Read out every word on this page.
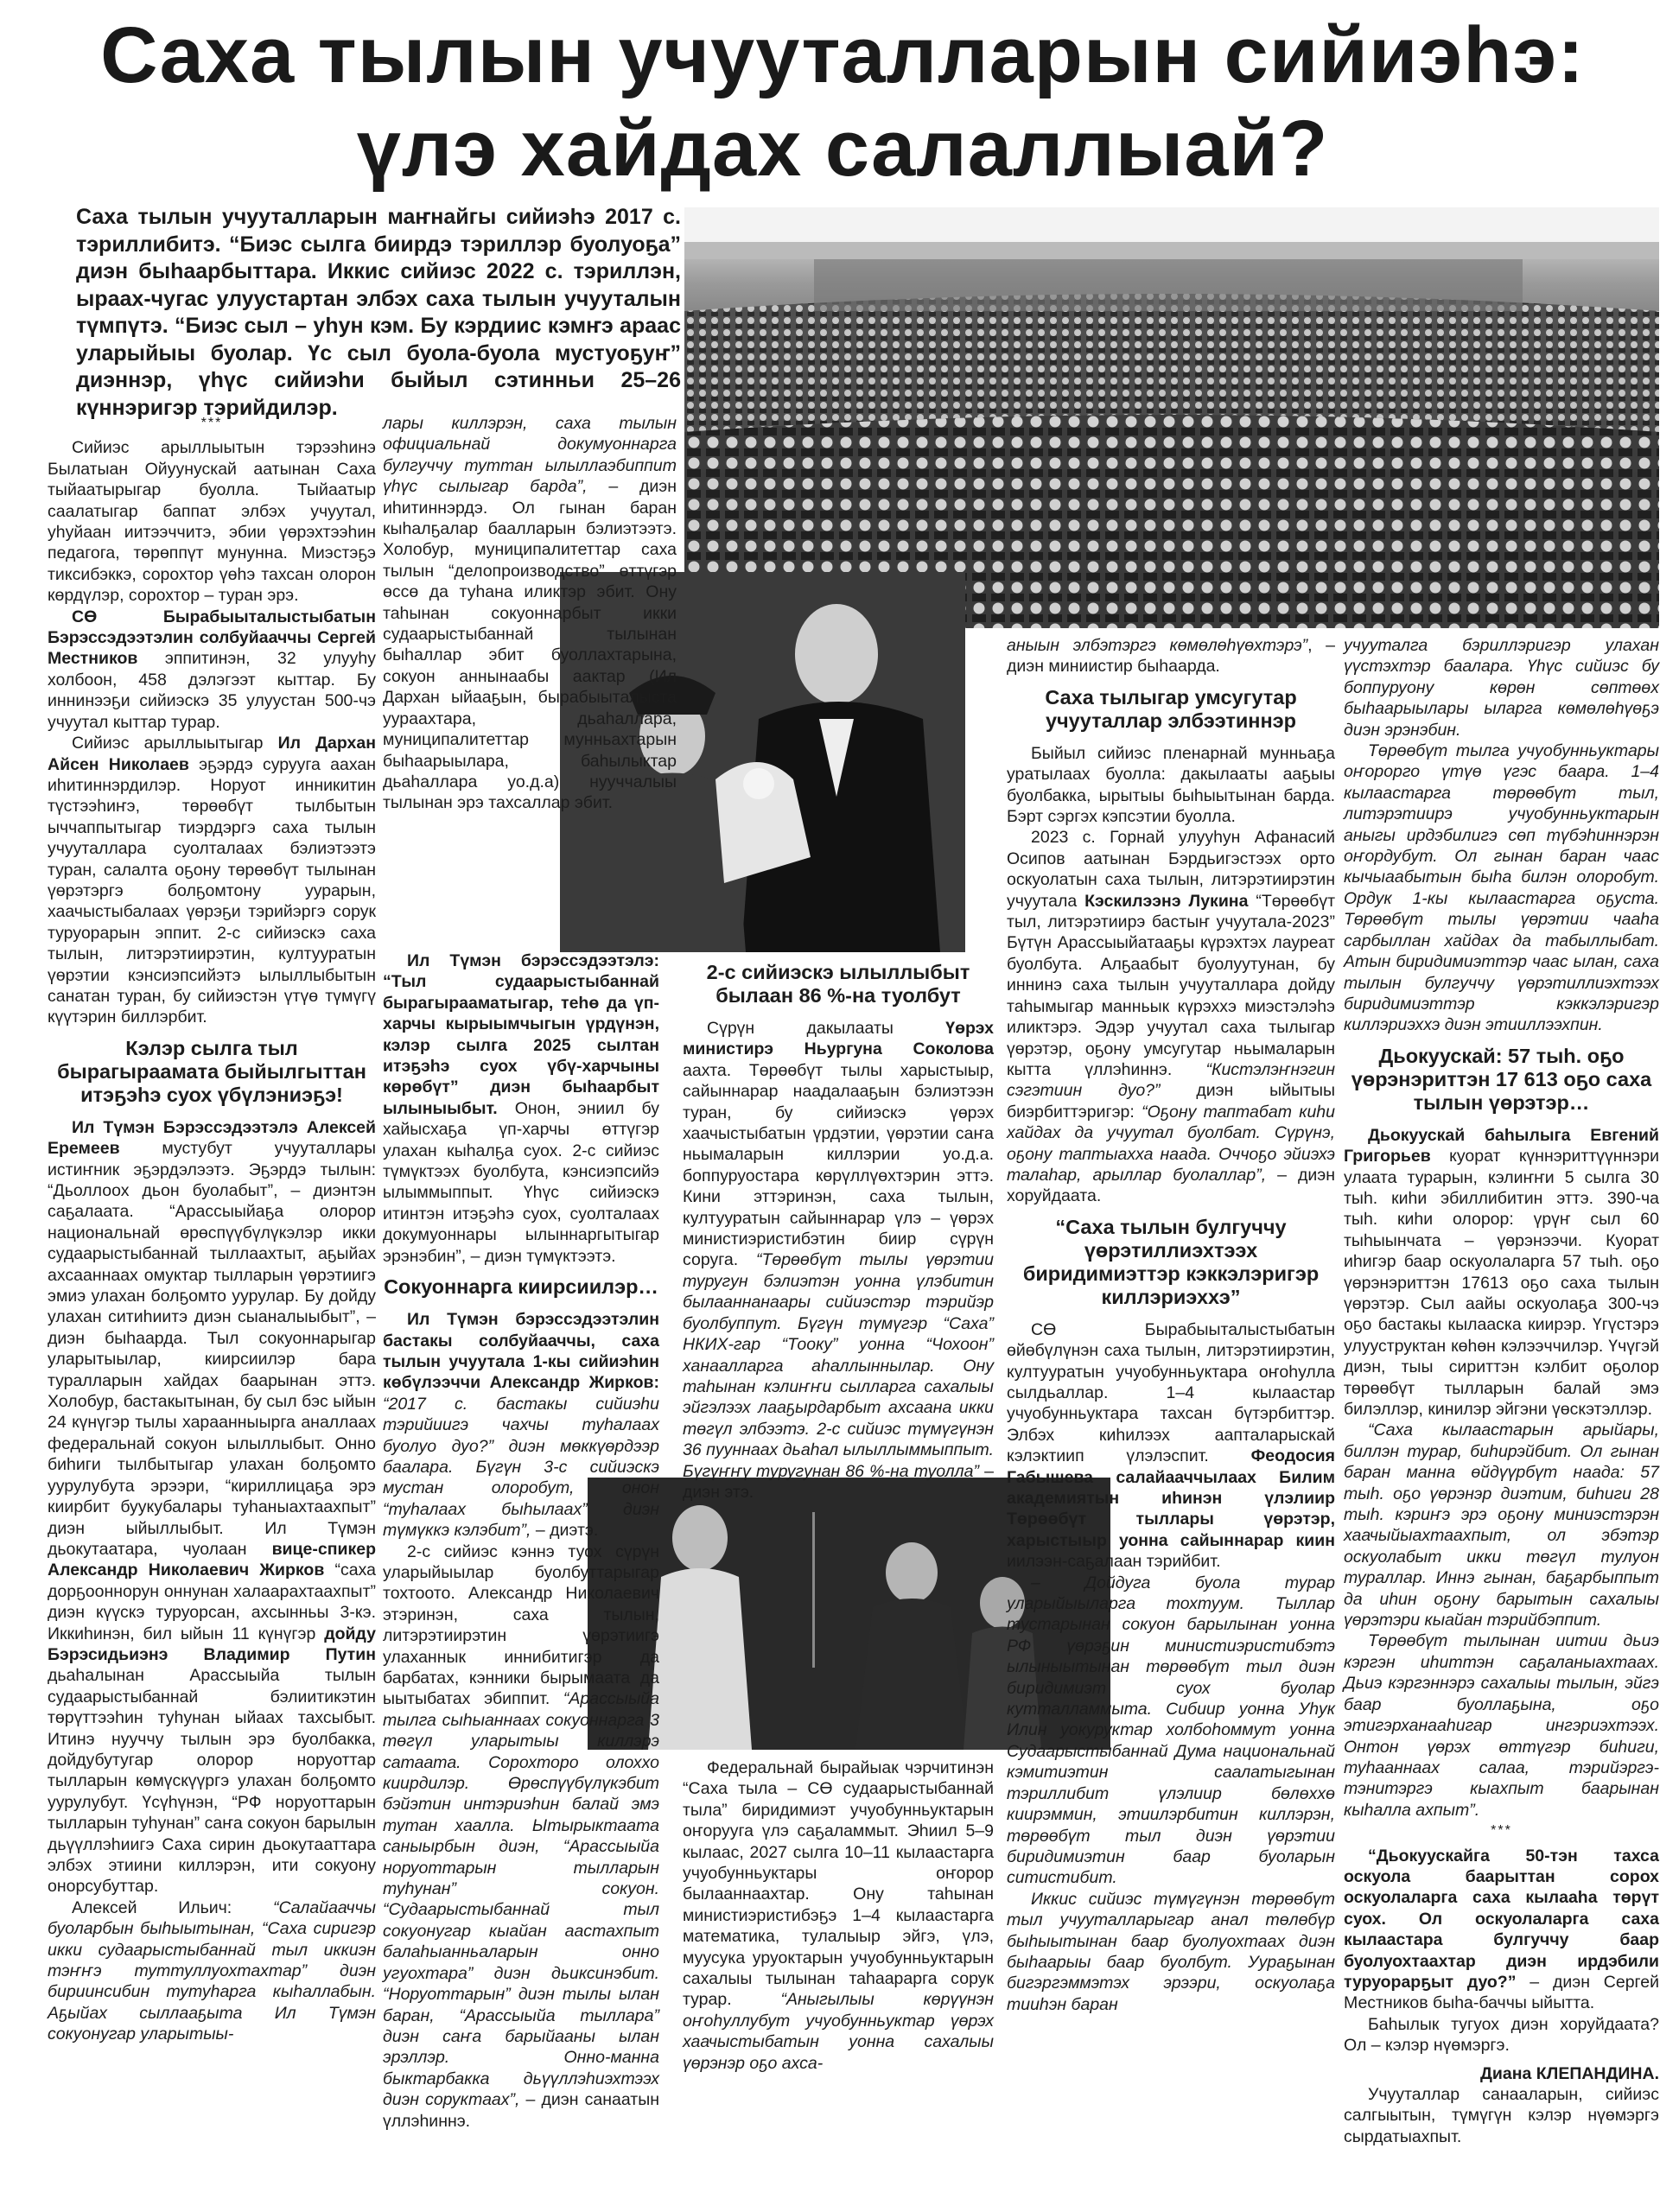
Саха тылын учууталларын сийиэһэ:
үлэ хайдах салаллыай?
Саха тылын учууталларын маҥнайгы сийиэһэ 2017 с. тэриллибитэ. “Биэс сылга биирдэ тэриллэр буолуоҕа” диэн быһаарбыттара. Иккис сийиэс 2022 с. тэриллэн, ыраах-чугас улуустартан элбэх саха тылын учууталын түмпүтэ. “Биэс сыл – уһун кэм. Бу кэрдиис кэмҥэ араас уларыйыы буолар. Үс сыл буола-буола мустуоҕуҥ” диэннэр, үһүс сийиэһи быйыл сэтинньи 25–26 күннэригэр тэрийдилэр.
***

Сийиэс арыллыытын тэрээһинэ Былатыан Ойуунускай аатынан Саха тыйаатырыгар буолла. Тыйаатыр саалатыгар баппат элбэх учуутал, уһуйаан иитээччитэ, эбии үөрэхтээһин педагога, төрөппүт мунунна. Миэстэҕэ тиксибэккэ, сорохтор үөһэ тахсан олорон көрдүлэр, сорохтор – туран эрэ.

СӨ Бырабыыталыстыбатын Бэрэссэдээтэлин солбуйааччы Сергей Местников эппитинэн, 32 улууһу холбоон, 458 дэлэгээт кыттар. Бу иннинээҕи сийиэскэ 35 улуустан 500-чэ учуутал кыттар турар.

Сийиэс арыллыытыгар Ил Дархан Айсен Николаев эҕэрдэ сурууга аахан иһитиннэрдилэр. Норуот инникитин түстээһиҥэ, төрөөбүт тылбытын ыччаппытыгар тиэрдэргэ саха тылын учууталлара суолталаах бэлиэтээтэ туран, салалта оҕону төрөөбүт тылынан үөрэтэргэ болҕомтону уурарын, хаачыстыбалаах үөрэҕи тэрийэргэ сорук туруорарын эппит. 2-с сийиэскэ саха тылын, литэрэтиирэтин, култууратын үөрэтии кэнсиэпсийэтэ ылыллыбытын санатан туран, бу сийиэстэн үтүө түмүгү күүтэрин биллэрбит.

Кэлэр сылга тыл бырагыраамата быйылгыттан итэҕэһэ суох үбүлэниэҕэ!

Ил Түмэн Бэрэссэдээтэлэ Алексей Еремеев мустубут учууталлары истиҥник эҕэрдэлээтэ. Эҕэрдэ тылын: “Дьоллоох дьон буолабыт”, – диэнтэн саҕалаата. “Арассыыйаҕа олорор национальнай өрөспүүбүлүкэлэр икки судаарыстыбаннай тыллаахтыт, аҕыйах ахсааннаах омуктар тылларын үөрэтиигэ эмиэ улахан болҕомто уурулар. Бу дойду улахан ситиһиитэ диэн сыаналыыбыт”, – диэн быһаарда. Тыл сокуоннарыгар уларытыылар, киирсиилэр бара туралларын хайдах баарынан эттэ. Холобур, бастакытынан, бу сыл бэс ыйын 24 күнүгэр тылы хараанныырга аналлаах федеральнай сокуон ылыллыбыт. Онно биһиги тылбытыгар улахан болҕомто уурулубута эрээри, “кириллицаҕа эрэ киирбит буукубалары туһаныахтаахпыт” диэн ыйыллыбыт. Ил Түмэн дьокутаатара, чуолаан вице-спикер Александр Николаевич Жирков “саха дорҕооннорун оннунан халаарахтаахпыт” диэн күүскэ туруорсан, ахсынньы 3-кэ. Иккиһинэн, бил ыйын 11 күнүгэр дойду Бэрэсидьиэнэ Владимир Путин дьаһалынан Арассыыйа тылын судаарыстыбаннай бэлиитикэтин төрүттээһин туһунан ыйаах тахсыбыт. Итинэ нууччу тылын эрэ буолбакка, дойдубутугар олорор норуоттар тылларын көмүскүүргэ улахан болҕомто уурулубут. Үсүһүнэн, “РФ норуоттарын тылларын туһунан” саҥа сокуон барылын дьүүллэһиигэ Саха сирин дьокутааттара элбэх этиини киллэрэн, ити сокуону онорсубуттар.

Алексей Ильич: “Салайааччы буоларбын быһыытынан, “Саха сиригэр икки судаарыстыбаннай тыл иккиэн тэҥҥэ туттуллуохтахтар” диэн бириинсибин тутуһарга кыһаллабын. Аҕыйах сыллааҕыта Ил Түмэн сокуонугар уларытыы-

лары киллэрэн, саха тылын официальнай докумуоннарга булгуччу туттан ылыллаэбиппит үһүс сылыгар барда”, – диэн иһитиннэрдэ. Ол гынан баран кыһалҕалар баалларын бэлиэтээтэ. Холобур, муниципалитеттар саха тылын “делопроизводство” өттүгэр өссө да туһана иликтэр эбит. Ону таһынан сокуоннарбыт икки судаарыстыбаннай тылынан быһаллар эбит буоллахтарына, сокуон аннынаабы аактар (Ил Дархан ыйааҕын, бырабыыталыста уураахтара, дьаһаллара, муниципалитеттар мунньахтарын быһаарыылара, баһылыктар дьаһаллара уо.д.а) нууччалыы тылынан эрэ тахсаллар эбит.

Ил Түмэн бэрэссэдээтэлэ: “Тыл судаарыстыбаннай бырагырааматыгар, теһө да үп-харчы кырыымчыгын үрдүнэн, кэлэр сылга 2025 сылтан итэҕэһэ суох үбү-харчыны көрөбүт” диэн быһаарбыт ылыныыбыт. Онон, эниил бу хайысхаҕа үп-харчы өттүгэр улахан кыһалҕа суох. 2-с сийиэс түмүктээх буолбута, кэнсиэпсийэ ылыммыппыт. Үһүс сийиэскэ итинтэн итэҕэһэ суох, суолталаах докумуоннары ылыннаргытыгар эрэнэбин”, – диэн түмүктээтэ.

Сокуоннарга киирсиилэр…

Ил Түмэн бэрэссэдээтэлин бастакы солбуйааччы, саха тылын учуутала 1-кы сийиэһин көбүлээччи Александр Жирков: “2017 с. бастакы сийиэһи тэрийиигэ чахчы туһалаах буолуо дуо?” диэн мөккүөрдээр баалара. Бүгүн 3-с сийиэскэ мустан олоробут, онон “туһалаах быһылаах” диэн түмүккэ кэлэбит”, – диэтэ.

2-с сийиэс кэннэ туох сүрүн уларыйыылар буолбуттарыгар тохтоото. Александр Николаевич этэринэн, саха тылын, литэрэтиирэтин үөрэтиигэ улаханнык иннибитигэр да барбатах, кэнники бырымаата да ыытыбатах эбиппит. “Арассыыйа тылга сыһыаннаах сокуоннарга 3 төгүл уларытыы киллэрэ сатаата. Сорохторо олоххо киирдилэр. Өрөспүүбүлүкэбит бэйэтин интэриэһин балай эмэ тутан хааллa. Ытырыктаата саныырбын диэн, “Арассыыйа норуоттарын тылларын туһунан” сокуон. “Судаарыстыбаннай тыл сокуонугар кыайан аастахпыт балаһыанньаларын онно угуохтара” диэн дьиксинэбит. “Норуоттарын” диэн тылы ылан баран, “Арассыыйа тыллара” диэн саҥа барыйааны ылан эрэллэр. Онно-манна быктарбакка дьүүллэһиэхтээх диэн соруктаах”, – диэн санаатын үллэһиннэ.

2-с сийиэскэ ылыллыбыт былаан 86 %-на туолбут

Сүрүн дакылааты Үөрэх министирэ Ньургуна Соколова аахта. Төрөөбүт тылы харыстыыр, сайыннарар наадалааҕын бэлиэтээн туран, бу сийиэскэ үөрэх хаачыстыбатын үрдэтии, үөрэтии саҥа ньымаларын киллэрии уо.д.а. боппуруостара көрүллүөхтэрин эттэ. Кини эттэринэн, саха тылын, култууратын сайыннарар үлэ – үөрэх министиэристибэтин биир сүрүн соруга. “Төрөөбүт тылы үөрэтии туругун бэлиэтэн уонна үлэбитин былааннанаары сийиэстэр тэрийэр буолбуппут. Бүгүн түмүгэр “Саха” НКИХ-гар “Тооку” уонна “Чохоон” ханаалларга аһаллыннылар. Ону таһынан кэлиҥҥи сылларга сахалыы эйгэлээх лааҕырдарбыт ахсаана икки төгүл элбээтэ. 2-с сийиэс түмүгүнэн 36 пууннаах дьаһал ылыллыммыппыт. Бүгүҥҥү туругунан 86 %-на туолла” – диэн этэ.

Федеральнай бырайыак чэрчитинэн “Саха тыла – СӨ судаарыстыбаннай тыла” биридимиэт учуобунньуктарын оҥорууга үлэ саҕаламмыт. Эһиил 5–9 кылаас, 2027 сылга 10–11 кылаастарга учуобунньуктары оҥорор былааннаахтар. Ону таһынан министиэристибэҕэ 1–4 кылаастарга математика, тулалыыр эйгэ, үлэ, муусука уруоктарын учуобунньуктарын сахалыы тылынан таһаарарга сорук турар. “Аныгылыы көрүүнэн оҥоһуллубут учуобунньуктар үөрэх хаачыстыбатын уонна сахалыы үөрэнэр оҕо ахса-

аныын элбэтэргэ көмөлөһүөхтэрэ”, – диэн миниистир быһаарда.

Саха тылыгар умсугутар учууталлар элбээтиннэр

Быйыл сийиэс пленарнай мунньаҕа уратылаах буолла: дакылааты ааҕыы буолбакка, ырытыы быһыытынан барда. Бэрт сэргэх кэпсэтии буолла.

2023 с. Горнай улууһун Афанасий Осипов аатынан Бэрдьигэстээх орто оскуолатын саха тылын, литэрэтиирэтин учуутала Кэскилээнэ Лукина “Төрөөбүт тыл, литэрэтиирэ бастыҥ учуутала-2023” Бүтүн Арассыыйатааҕы күрэхтэх лауреат буолбута. Алҕаабыт буолуутунан, бу иннинэ саха тылын учууталлара дойду таһымыгар манньык күрэххэ миэстэлэһэ иликтэрэ. Эдэр учуутал саха тылыгар үөрэтэр, оҕону умсугутар ньымаларын кытта үллэһиннэ. “Кистэлэҥнэгин сэгэтиин дуо?” диэн ыйытыы биэрбиттэригэр: “Оҕону таптабат киһи хайдах да учуутал буолбат. Сүрүнэ, оҕону таптыахха наада. Оччоҕо эйиэхэ талаһар, арыллар буолаллар”, – диэн хоруйдаата.

“Саха тылын булгуччу үөрэтиллиэхтээх биридимиэттэр кэккэлэригэр киллэриэххэ”

СӨ Бырабыыталыстыбатын өйөбүлүнэн саха тылын, литэрэтиирэтин, култууратын учуобунньуктара оҥоһулла сылдьаллар. 1–4 кылаастар учуобунньуктара тахсан бүтэрбиттэр. Элбэх киһилээх аапталарыскай кэлэктиип үлэлэспит. Феодосия Габышева салайааччылаах Билим академиятын иһинэн үлэлиир Төрөөбүт тыллары үөрэтэр, харыстыыр уонна сайыннарар киин иилээн-саҕалаан тэрийбит.

– Дойдуга буола турар уларыйыыларга тохтуум. Тыллар тустарынан сокуон барылынан уонна РФ үөрэҕин министиэристибэтэ ылыныытынан төрөөбүт тыл диэн биридимиэт суох буолар кутталламмыта. Сибиир уонна Уһук Илин уокуруктар холбоһоммут уонна Судаарыстыбаннай Дума национальнай кэмитиэтин саалатыгынан тэриллибит үлэлиир бөлөххө киирэммин, этиилэрбитин киллэрэн, төрөөбүт тыл диэн үөрэтии биридимиэтин баар буоларын ситистибит.

Иккис сийиэс түмүгүнэн төрөөбүт тыл учууталларыгар анал төлөбүр быһыытынан баар буолуохтаах диэн быһаарыы баар буолбут. Уураҕынан бигэргэммэтэх эрээри, оскуолаҕа тииһэн баран

учууталга бэриллэригэр улахан үүстэхтэр баалара. Үһүс сийиэс бу боппуруону көрөн сөптөөх быһаарыылары ыларга көмөлөһүөҕэ диэн эрэнэбин.

Төрөөбүт тылга учуобунньуктары оҥорорго үтүө үгэс баара. 1–4 кылаастарга төрөөбүт тыл, литэрэтиирэ учуобунньуктарын аныгы ирдэбилигэ сөп түбэһиннэрэн оҥордубут. Ол гынан баран чаас кычыаабытын быһа билэн олоробут. Ордук 1-кы кылаастарга оҕуста. Төрөөбүт тылы үөрэтии чааһа сарбыллан хайдах да табыллыбат. Атын биридимиэттэр чаас ылан, саха тылын булгуччу үөрэтиллиэхтээх биридимиэттэр кэккэлэригэр киллэриэххэ диэн этииллээхпин.

Дьокуускай: 57 тыһ. оҕо үөрэнэриттэн 17 613 оҕо саха тылын үөрэтэр…

Дьокуускай баһылыга Евгений Григорьев куорат күннэриттүүннэри улаата турарын, кэлиҥҥи 5 сылга 30 тыһ. киһи эбиллибитин эттэ. 390-ча тыһ. киһи олорор: үрүҥ сыл 60 тыһыынчата – үөрэнээчи. Куорат иһигэр баар оскуолаларга 57 тыһ. оҕо үөрэнэриттэн 17613 оҕо саха тылын үөрэтэр. Сыл аайы оскуолаҕа 300-чэ оҕо бастакы кылааска киирэр. Үгүстэрэ улууструктан көһөн кэлээччилэр. Үчүгэй диэн, тыы сириттэн кэлбит оҕолор төрөөбүт тылларын балай эмэ билэллэр, кинилэр эйгэни үөскэтэллэр.

“Саха кылаастарын арыйары, биллэн турар, биһирэйбит. Ол гынан баран манна өйдүүрбүт наада: 57 тыһ. оҕо үөрэнэр диэтим, биһиги 28 тыһ. кэриҥэ эрэ оҕону миниэстэрэн хаачыйыахтаахпыт, ол эбэтэр оскуолабыт икки төгүл тулуон тураллар. Иннэ гынан, баҕарбыппыт да иһин оҕону барытын сахалыы үөрэтэри кыайан тэрийбэппит.

Төрөөбүт тылынан иитии дьиэ кэргэн иһиттэн саҕаланыахтаах. Дьиэ кэргэннэрэ сахалыы тылын, эйгэ баар буоллаҕына, оҕо этигэрханааһигар ингэриэхтээх. Онтон үөрэх өттүгэр биһиги, туһааннаах салаа, тэрийэргэ-тэнитэргэ кыахпыт баарынан кыһалла ахпыт”.

***

“Дьокуускайга 50-тэн тахса оскуола баарыттан сорох оскуолаларга саха кылааһа төрүт суох. Ол оскуолаларга саха кылаастара булгуччу баар буолуохтаахтар диэн ирдэбили туруорарҕыт дуо?” – диэн Сергей Местников быһа-баччы ыйытта.

Баһылык тугуох диэн хоруйдаата? Ол – кэлэр нүөмэргэ.

Диана КЛЕПАНДИНА.

Учууталлар санааларын, сийиэс салгыытын, түмүгүн кэлэр нүөмэргэ сырдатыахпыт.
